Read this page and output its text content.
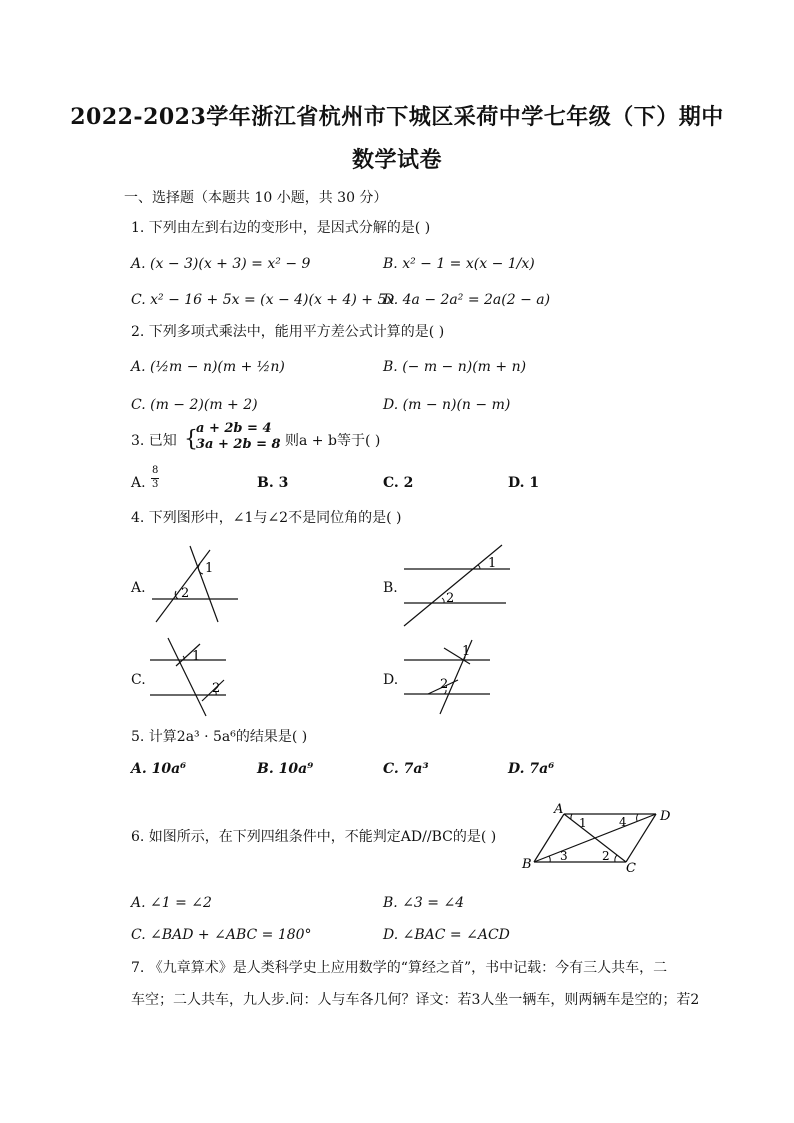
2022-2023学年浙江省杭州市下城区采荷中学七年级（下）期中
数学试卷
一、选择题（本题共 10 小题，共 30 分）
1. 下列由左到右边的变形中，是因式分解的是( )
A. (x − 3)(x + 3) = x² − 9	B. x² − 1 = x(x − 1/x)
C. x² − 16 + 5x = (x − 4)(x + 4) + 5x
D. 4a − 2a² = 2a(2 − a)
2. 下列多项式乘法中，能用平方差公式计算的是( )
A. (½m − n)(m + ½n)	B. (− m − n)(m + n)
C. (m − 2)(m + 2)	D. (m − n)(n − m)
3. 已知 {
a + 2b = 4
3a + 2b = 8
，则a + b等于( )
A.
8
3	B. 3	C. 2	D. 1
4. 下列图形中，∠1与∠2不是同位角的是( )
A.
1
2	B.
1
2
C.
1
2
D.
1
2
5. 计算2a³ · 5a⁶的结果是( )
A. 10a⁶	B. 10a⁹	C. 7a³	D. 7a⁶
6. 如图所示，在下列四组条件中，不能判定AD//BC的是( )
A
B	C
D
1
2
3
4
A. ∠1 = ∠2	B. ∠3 = ∠4
C. ∠BAD + ∠ABC = 180°	D. ∠BAC = ∠ACD
7. 《九章算术》是人类科学史上应用数学的“算经之首”，书中记载：今有三人共车，二
车空；二人共车，九人步.问：人与车各几何？译文：若3人坐一辆车，则两辆车是空的；若2
